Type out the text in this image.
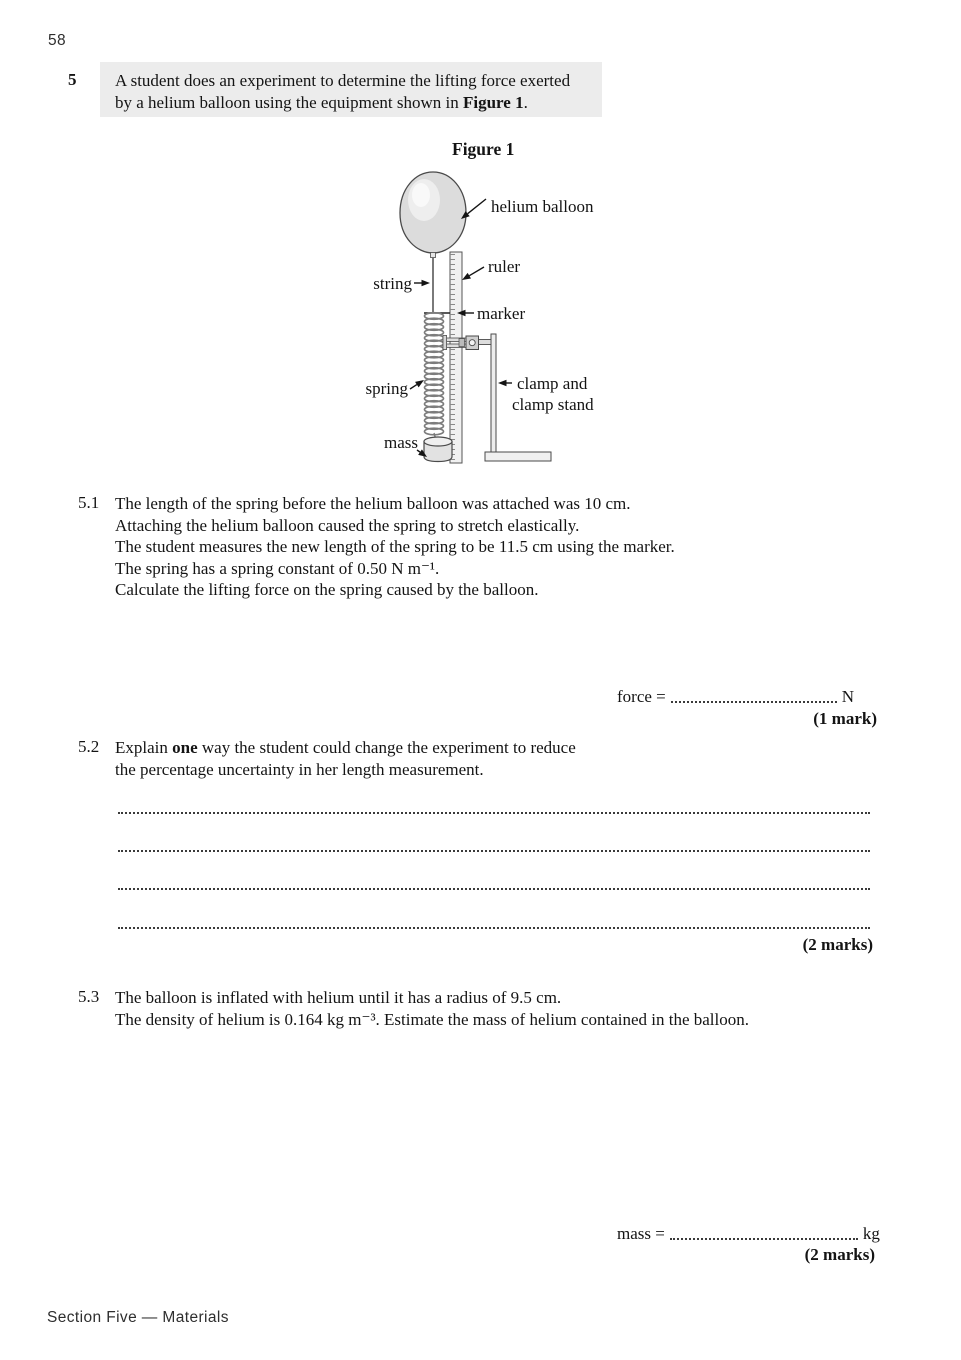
58
5 A student does an experiment to determine the lifting force exerted
by a helium balloon using the equipment shown in Figure 1.
Figure 1
helium balloon
ruler
string
marker
spring	clamp and
clamp stand
mass
5.1 The length of the spring before the helium balloon was attached was 10 cm.
Attaching the helium balloon caused the spring to stretch elastically.
The student measures the new length of the spring to be 11.5 cm using the marker.
The spring has a spring constant of 0.50 N m⁻¹.
Calculate the lifting force on the spring caused by the balloon.
force =	N
(1 mark)
5.2 Explain one way the student could change the experiment to reduce
the percentage uncertainty in her length measurement.
(2 marks)
5.3 The balloon is inflated with helium until it has a radius of 9.5 cm.
The density of helium is 0.164 kg m⁻³. Estimate the mass of helium contained in the balloon.
mass =	kg
(2 marks)
Section Five — Materials
